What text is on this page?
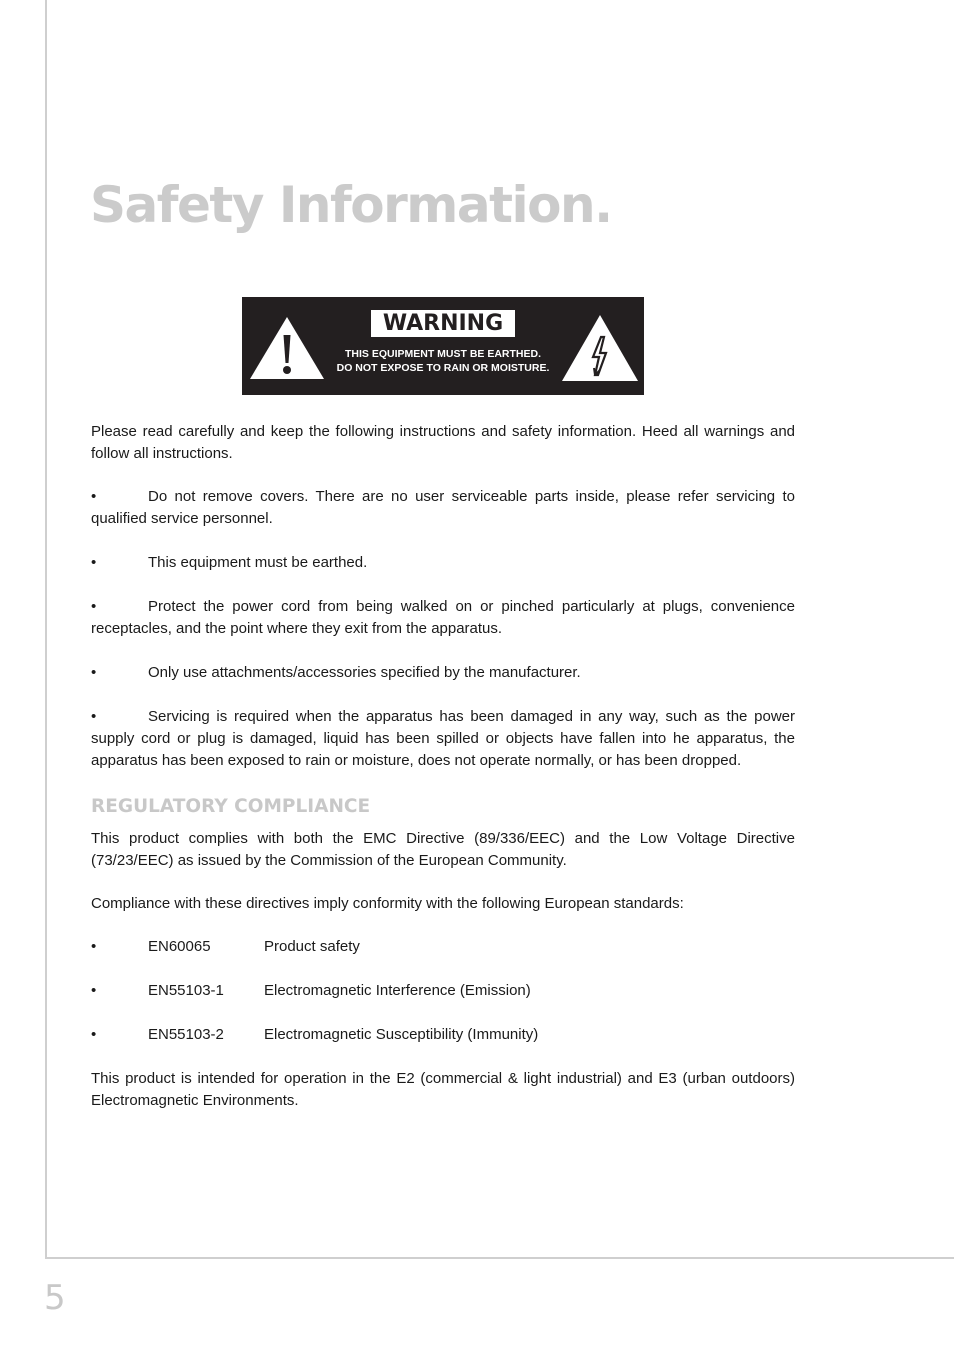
5
Safety Information.
WARNING
THIS EQUIPMENT MUST BE EARTHED.
DO NOT EXPOSE TO RAIN OR MOISTURE.

Please read carefully and keep the following instructions and safety information. Heed all warnings and follow all instructions.

•	Do not remove covers. There are no user serviceable parts inside, please refer servicing to qualified service personnel.

•	This equipment must be earthed.

•	Protect the power cord from being walked on or pinched particularly at plugs, convenience receptacles, and the point where they exit from the apparatus.

•	Only use attachments/accessories specified by the manufacturer.

•	Servicing is required when the apparatus has been damaged in any way, such as the power supply cord or plug is damaged, liquid has been spilled or objects have fallen into he apparatus, the apparatus has been exposed to rain or moisture, does not operate normally, or has been dropped.

REGULATORY COMPLIANCE

This product complies with both the EMC Directive (89/336/EEC) and the Low Voltage Directive (73/23/EEC) as issued by the Commission of the European Community.

Compliance with these directives imply conformity with the following European standards:

•	EN60065	Product safety

•	EN55103-1	Electromagnetic Interference (Emission)

•	EN55103-2	Electromagnetic Susceptibility (Immunity)

This product is intended for operation in the E2 (commercial & light industrial) and E3 (urban outdoors) Electromagnetic Environments.
